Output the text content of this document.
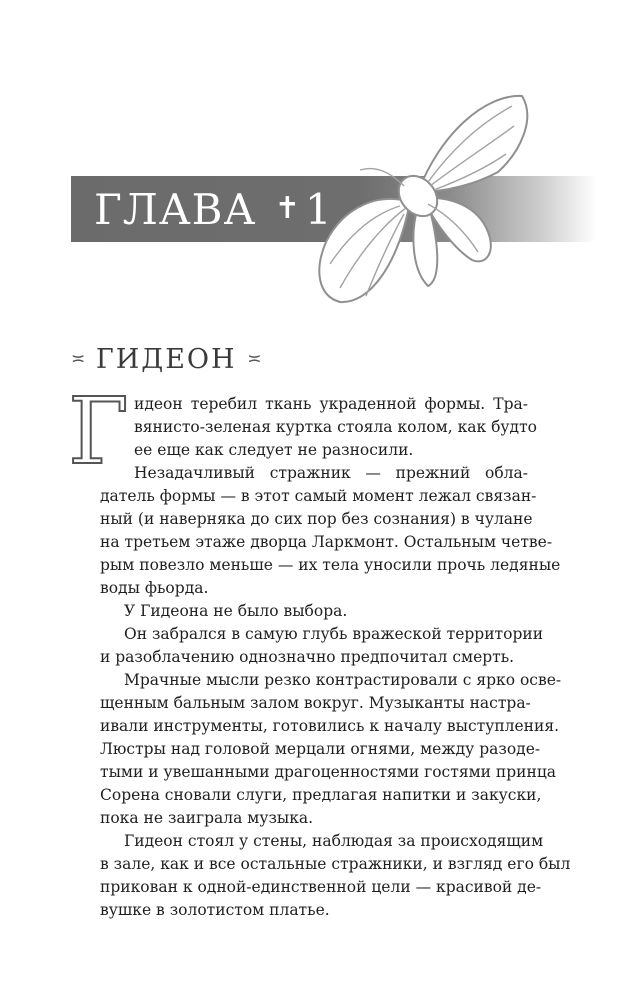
ГЛАВА ✝1
≍ ГИДЕОН ≍
Г идеон теребил ткань украденной формы. Тра-
вянисто-зеленая куртка стояла колом, как будто
ее еще как следует не разносили.
Незадачливый стражник — прежний обла-
датель формы — в этот самый момент лежал связан-
ный (и наверняка до сих пор без сознания) в чулане
на третьем этаже дворца Ларкмонт. Остальным четве-
рым повезло меньше — их тела уносили прочь ледяные
воды фьорда.
У Гидеона не было выбора.
Он забрался в самую глубь вражеской территории
и разоблачению однозначно предпочитал смерть.
Мрачные мысли резко контрастировали с ярко осве-
щенным бальным залом вокруг. Музыканты настра-
ивали инструменты, готовились к началу выступления.
Люстры над головой мерцали огнями, между разоде-
тыми и увешанными драгоценностями гостями принца
Сорена сновали слуги, предлагая напитки и закуски,
пока не заиграла музыка.
Гидеон стоял у стены, наблюдая за происходящим
в зале, как и все остальные стражники, и взгляд его был
прикован к одной-единственной цели — красивой де-
вушке в золотистом платье.
